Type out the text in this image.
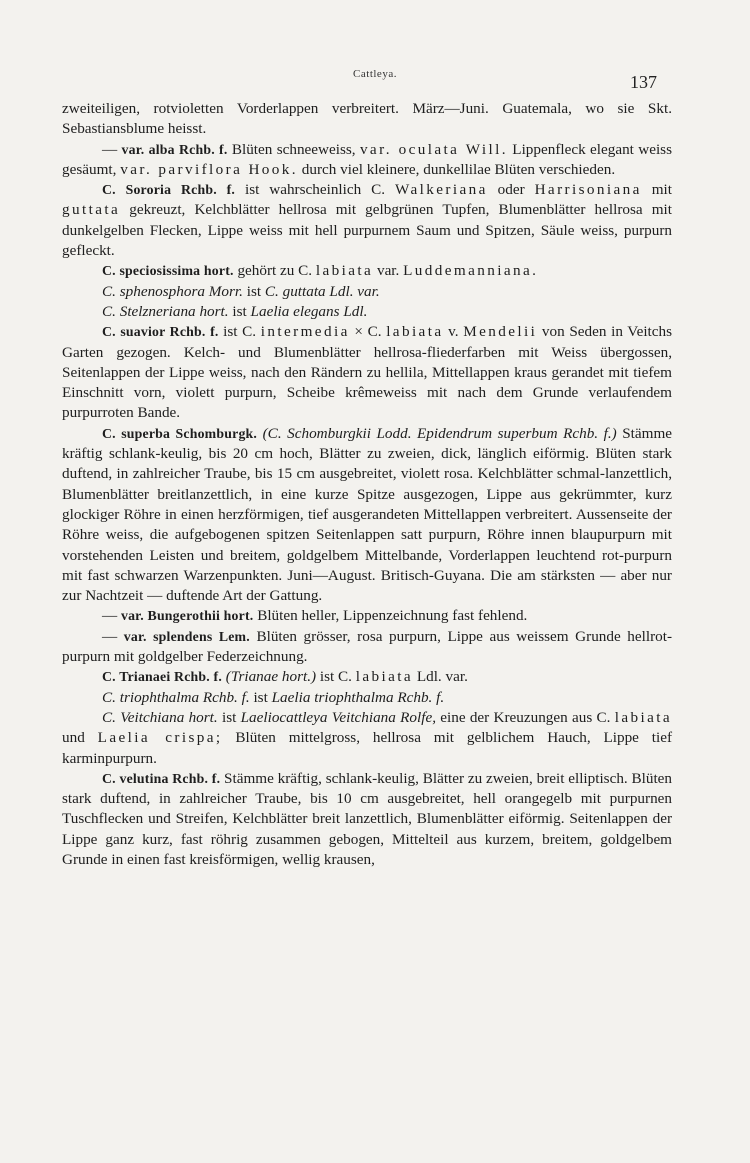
Cattleya.	137

zweiteiligen, rotvioletten Vorderlappen verbreitert. März—Juni. Guatemala, wo sie Skt. Sebastiansblume heisst.

— var. alba Rchb. f. Blüten schneeweiss, var. oculata Will. Lippenfleck elegant weiss gesäumt, var. parviflora Hook. durch viel kleinere, dunkellilae Blüten verschieden.

C. Sororia Rchb. f. ist wahrscheinlich C. Walkeriana oder Harrisoniana mit guttata gekreuzt, Kelchblätter hellrosa mit gelbgrünen Tupfen, Blumenblätter hellrosa mit dunkelgelben Flecken, Lippe weiss mit hell purpurnem Saum und Spitzen, Säule weiss, purpurn gefleckt.

C. speciosissima hort. gehört zu C. labiata var. Luddemanniana.

C. sphenosphora Morr. ist C. guttata Ldl. var.

C. Stelzneriana hort. ist Laelia elegans Ldl.

C. suavior Rchb. f. ist C. intermedia × C. labiata v. Mendelii von Seden in Veitchs Garten gezogen. Kelch- und Blumenblätter hellrosa-fliederfarben mit Weiss übergossen, Seitenlappen der Lippe weiss, nach den Rändern zu hellila, Mittellappen kraus gerandet mit tiefem Einschnitt vorn, violett purpurn, Scheibe krêmeweiss mit nach dem Grunde verlaufendem purpurroten Bande.

C. superba Schomburgk. (C. Schomburgkii Lodd. Epidendrum superbum Rchb. f.) Stämme kräftig schlank-keulig, bis 20 cm hoch, Blätter zu zweien, dick, länglich eiförmig. Blüten stark duftend, in zahlreicher Traube, bis 15 cm ausgebreitet, violett rosa. Kelchblätter schmal-lanzettlich, Blumenblätter breitlanzettlich, in eine kurze Spitze ausgezogen, Lippe aus gekrümmter, kurz glockiger Röhre in einen herzförmigen, tief ausgerandeten Mittellappen verbreitert. Aussenseite der Röhre weiss, die aufgebogenen spitzen Seitenlappen satt purpurn, Röhre innen blaupurpurn mit vorstehenden Leisten und breitem, goldgelbem Mittelbande, Vorderlappen leuchtend rot-purpurn mit fast schwarzen Warzenpunkten. Juni—August. Britisch-Guyana. Die am stärksten — aber nur zur Nachtzeit — duftende Art der Gattung.

— var. Bungerothii hort. Blüten heller, Lippenzeichnung fast fehlend.

— var. splendens Lem. Blüten grösser, rosa purpurn, Lippe aus weissem Grunde hellrot-purpurn mit goldgelber Federzeichnung.

C. Trianaei Rchb. f. (Trianae hort.) ist C. labiata Ldl. var.

C. triophthalma Rchb. f. ist Laelia triophthalma Rchb. f.

C. Veitchiana hort. ist Laeliocattleya Veitchiana Rolfe, eine der Kreuzungen aus C. labiata und Laelia crispa; Blüten mittelgross, hellrosa mit gelblichem Hauch, Lippe tief karminpurpurn.

C. velutina Rchb. f. Stämme kräftig, schlank-keulig, Blätter zu zweien, breit elliptisch. Blüten stark duftend, in zahlreicher Traube, bis 10 cm ausgebreitet, hell orangegelb mit purpurnen Tuschflecken und Streifen, Kelchblätter breit lanzettlich, Blumenblätter eiförmig. Seitenlappen der Lippe ganz kurz, fast röhrig zusammen gebogen, Mittelteil aus kurzem, breitem, goldgelbem Grunde in einen fast kreisförmigen, wellig krausen,
